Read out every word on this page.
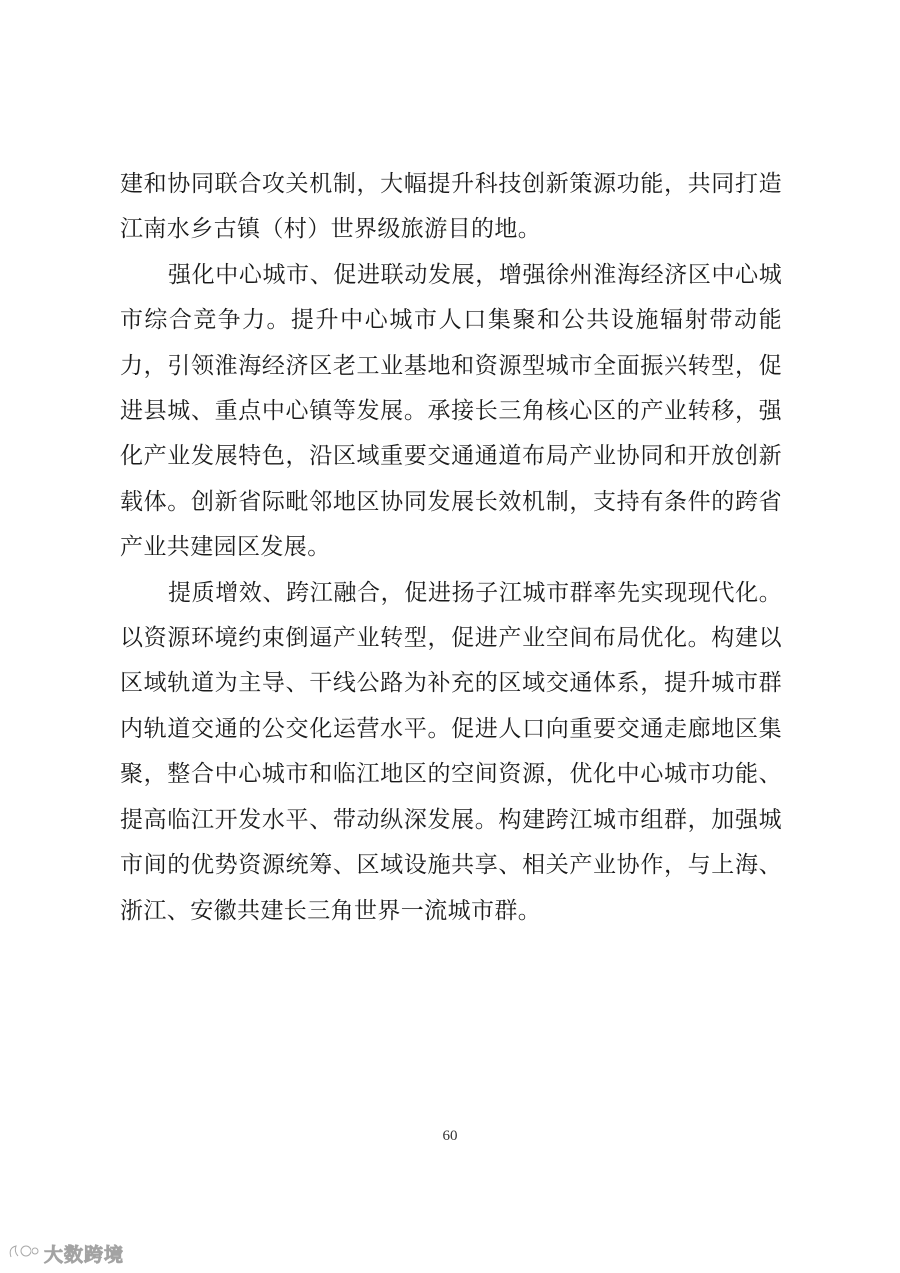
建和协同联合攻关机制，大幅提升科技创新策源功能，共同打造江南水乡古镇（村）世界级旅游目的地。

强化中心城市、促进联动发展，增强徐州淮海经济区中心城市综合竞争力。提升中心城市人口集聚和公共设施辐射带动能力，引领淮海经济区老工业基地和资源型城市全面振兴转型，促进县城、重点中心镇等发展。承接长三角核心区的产业转移，强化产业发展特色，沿区域重要交通通道布局产业协同和开放创新载体。创新省际毗邻地区协同发展长效机制，支持有条件的跨省产业共建园区发展。

提质增效、跨江融合，促进扬子江城市群率先实现现代化。以资源环境约束倒逼产业转型，促进产业空间布局优化。构建以区域轨道为主导、干线公路为补充的区域交通体系，提升城市群内轨道交通的公交化运营水平。促进人口向重要交通走廊地区集聚，整合中心城市和临江地区的空间资源，优化中心城市功能、提高临江开发水平、带动纵深发展。构建跨江城市组群，加强城市间的优势资源统筹、区域设施共享、相关产业协作，与上海、浙江、安徽共建长三角世界一流城市群。

60
大数跨境
